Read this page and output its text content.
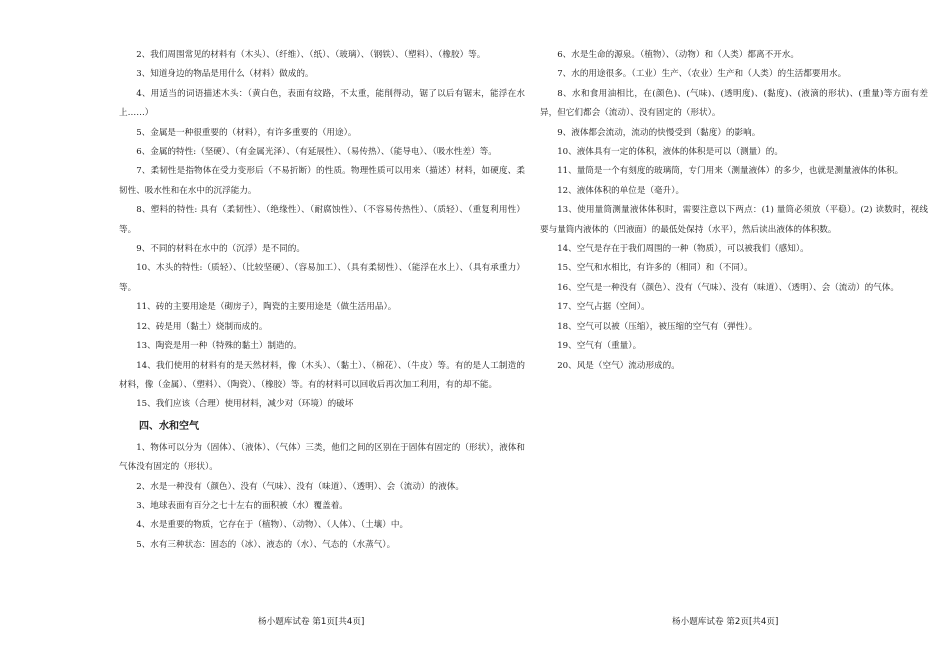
2、我们周围常见的材料有（木头）、（纤维）、（纸）、（玻璃）、（钢铁）、（塑料）、（橡胶）等。

3、知道身边的物品是用什么（材料）做成的。

4、用适当的词语描述木头：（黄白色，表面有纹路，不太重，能削得动，锯了以后有锯末，能浮在水上……）

5、金属是一种很重要的（材料），有许多重要的（用途）。

6、金属的特性:（坚硬）、（有金属光泽）、（有延展性）、（易传热）、（能导电）、（吸水性差）等。

7、柔韧性是指物体在受力变形后（不易折断）的性质。物理性质可以用来（描述）材料，如硬度、柔韧性、吸水性和在水中的沉浮能力。

8、塑料的特性: 具有（柔韧性）、（绝缘性）、（耐腐蚀性）、（不容易传热性）、（质轻）、（重复利用性）等。

9、不同的材料在水中的（沉浮）是不同的。

10、木头的特性:（质轻）、（比较坚硬）、（容易加工）、（具有柔韧性）、（能浮在水上）、（具有承重力）等。

11、砖的主要用途是（砌房子），陶瓷的主要用途是（做生活用品）。

12、砖是用（黏土）烧制而成的。

13、陶瓷是用一种（特殊的黏土）制造的。

14、我们使用的材料有的是天然材料，像（木头）、（黏土）、（棉花）、（牛皮）等。有的是人工制造的材料，像（金属）、（塑料）、（陶瓷）、（橡胶）等。有的材料可以回收后再次加工利用，有的却不能。

15、我们应该（合理）使用材料，减少对（环境）的破坏

四、水和空气

1、物体可以分为（固体）、（液体）、（气体）三类，他们之间的区别在于固体有固定的（形状），液体和气体没有固定的（形状）。

2、水是一种没有（颜色）、没有（气味）、没有（味道）、（透明）、会（流动）的液体。

3、地球表面有百分之七十左右的面积被（水）覆盖着。

4、水是重要的物质，它存在于（植物）、（动物）、（人体）、（土壤）中。

5、水有三种状态：固态的（冰）、液态的（水）、气态的（水蒸气）。

6、水是生命的源泉。（植物）、（动物）和（人类）都离不开水。

7、水的用途很多。（工业）生产、（农业）生产和（人类）的生活都要用水。

8、水和食用油相比，在(颜色)、(气味)、(透明度)、(黏度)、(液滴的形状)、(重量)等方面有差异，但它们都会（流动）、没有固定的（形状）。

9、液体都会流动，流动的快慢受到（黏度）的影响。

10、液体具有一定的体积，液体的体积是可以（测量）的。

11、量筒是一个有刻度的玻璃筒，专门用来（测量液体）的多少，也就是测量液体的体积。

12、液体体积的单位是（毫升）。

13、使用量筒测量液体体积时，需要注意以下两点：(1) 量筒必须放（平稳）。(2) 读数时，视线要与量筒内液体的（凹液面）的最低处保持（水平），然后读出液体的体积数。

14、空气是存在于我们周围的一种（物质），可以被我们（感知）。

15、空气和水相比，有许多的（相同）和（不同）。

16、空气是一种没有（颜色）、没有（气味）、没有（味道）、（透明）、会（流动）的气体。

17、空气占据（空间）。

18、空气可以被（压缩），被压缩的空气有（弹性）。

19、空气有（重量）。

20、风是（空气）流动形成的。

杨小题库试卷 第1页[共4页]	杨小题库试卷 第2页[共4页]
